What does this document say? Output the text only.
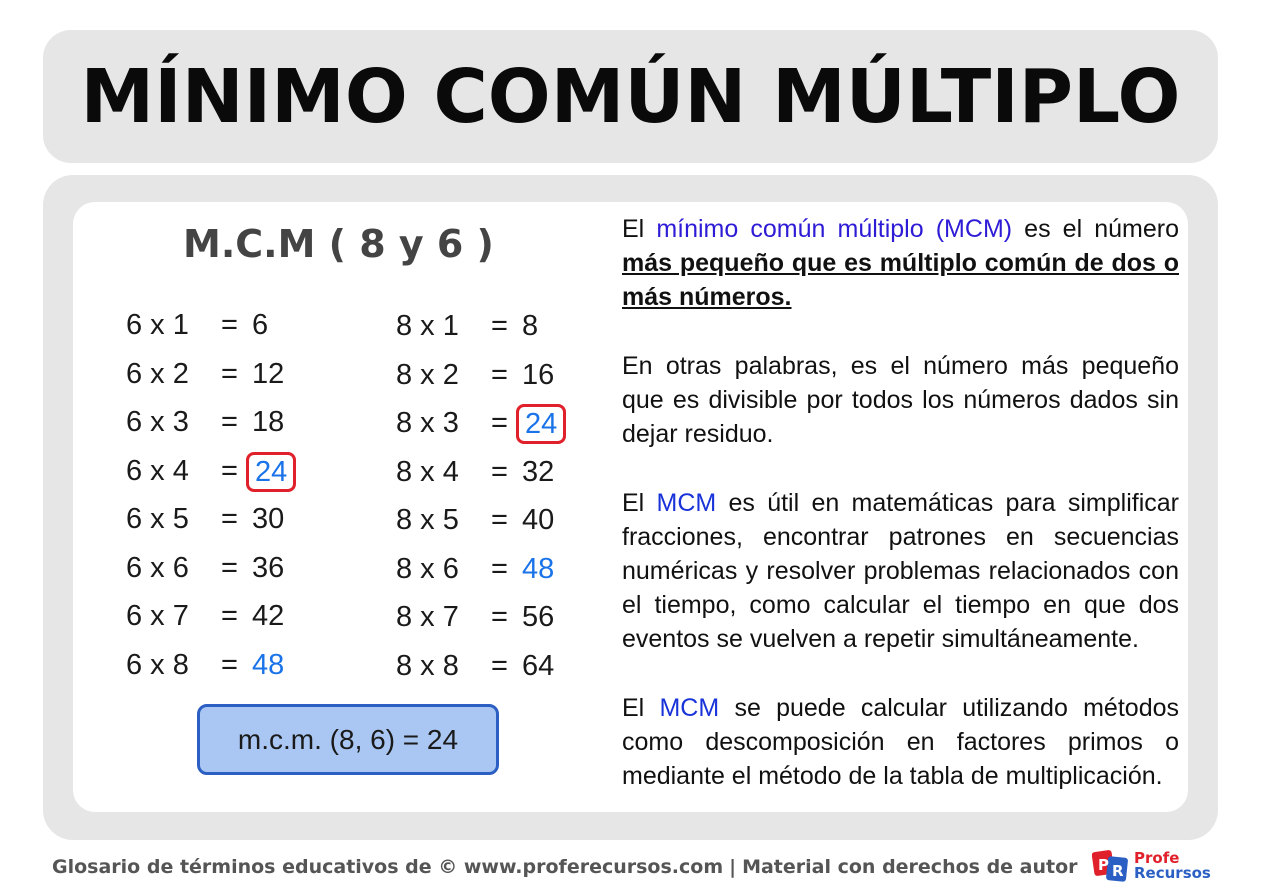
MÍNIMO COMÚN MÚLTIPLO
M.C.M ( 8 y 6 )
6 x 1 = 6
6 x 2 = 12
6 x 3 = 18
6 x 4 = 24
6 x 5 = 30
6 x 6 = 36
6 x 7 = 42
6 x 8 = 48
8 x 1 = 8
8 x 2 = 16
8 x 3 = 24
8 x 4 = 32
8 x 5 = 40
8 x 6 = 48
8 x 7 = 56
8 x 8 = 64
m.c.m. (8, 6) = 24
El mínimo común múltiplo (MCM) es el número más pequeño que es múltiplo común de dos o más números.
En otras palabras, es el número más pequeño que es divisible por todos los números dados sin dejar residuo.
El MCM es útil en matemáticas para simplificar fracciones, encontrar patrones en secuencias numéricas y resolver problemas relacionados con el tiempo, como calcular el tiempo en que dos eventos se vuelven a repetir simultáneamente.
El MCM se puede calcular utilizando métodos como descomposición en factores primos o mediante el método de la tabla de multiplicación.
Glosario de términos educativos de © www.proferecursos.com | Material con derechos de autor P R
Profe
Recursos
